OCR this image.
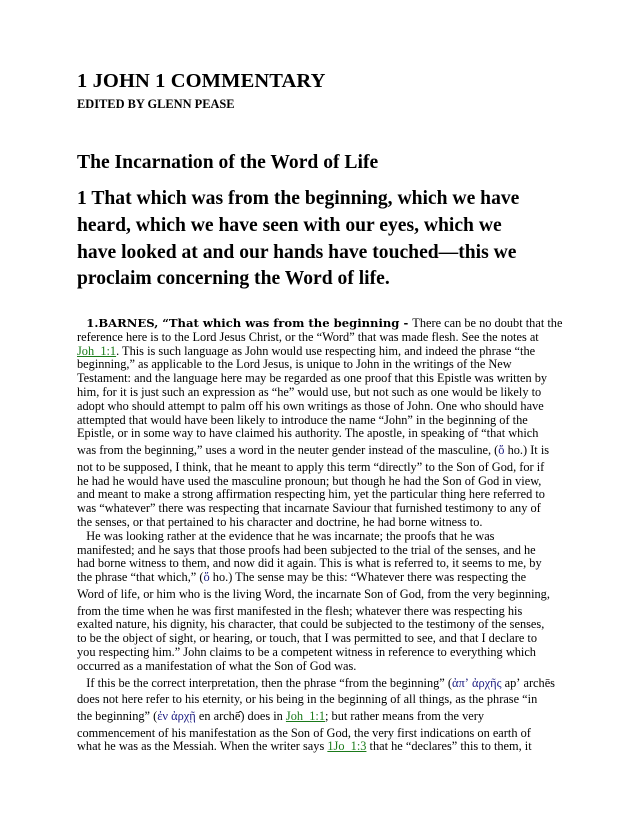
1 JOHN 1 COMMENTARY
EDITED BY GLENN PEASE
The Incarnation of the Word of Life
1 That which was from the beginning, which we have
heard, which we have seen with our eyes, which we
have looked at and our hands have touched—this we
proclaim concerning the Word of life.
1.BARNES, “That which was from the beginning - There can be no doubt that the
reference here is to the Lord Jesus Christ, or the “Word” that was made flesh. See the notes at
Joh_1:1. This is such language as John would use respecting him, and indeed the phrase “the
beginning,” as applicable to the Lord Jesus, is unique to John in the writings of the New
Testament: and the language here may be regarded as one proof that this Epistle was written by
him, for it is just such an expression as “he” would use, but not such as one would be likely to
adopt who should attempt to palm off his own writings as those of John. One who should have
attempted that would have been likely to introduce the name “John” in the beginning of the
Epistle, or in some way to have claimed his authority. The apostle, in speaking of “that which
was from the beginning,” uses a word in the neuter gender instead of the masculine, (ὅ ho.) It is
not to be supposed, I think, that he meant to apply this term “directly” to the Son of God, for if
he had he would have used the masculine pronoun; but though he had the Son of God in view,
and meant to make a strong affirmation respecting him, yet the particular thing here referred to
was “whatever” there was respecting that incarnate Saviour that furnished testimony to any of
the senses, or that pertained to his character and doctrine, he had borne witness to.
He was looking rather at the evidence that he was incarnate; the proofs that he was
manifested; and he says that those proofs had been subjected to the trial of the senses, and he
had borne witness to them, and now did it again. This is what is referred to, it seems to me, by
the phrase “that which,” (ὅ ho.) The sense may be this: “Whatever there was respecting the
Word of life, or him who is the living Word, the incarnate Son of God, from the very beginning,
from the time when he was first manifested in the flesh; whatever there was respecting his
exalted nature, his dignity, his character, that could be subjected to the testimony of the senses,
to be the object of sight, or hearing, or touch, that I was permitted to see, and that I declare to
you respecting him.” John claims to be a competent witness in reference to everything which
occurred as a manifestation of what the Son of God was.
If this be the correct interpretation, then the phrase “from the beginning” (ἀπʼ ἀρχῆς apʼ archēs
does not here refer to his eternity, or his being in the beginning of all things, as the phrase “in
the beginning” (ἐν ἀρχῇ en archē̂) does in Joh_1:1; but rather means from the very
commencement of his manifestation as the Son of God, the very first indications on earth of
what he was as the Messiah. When the writer says 1Jo_1:3 that he “declares” this to them, it
